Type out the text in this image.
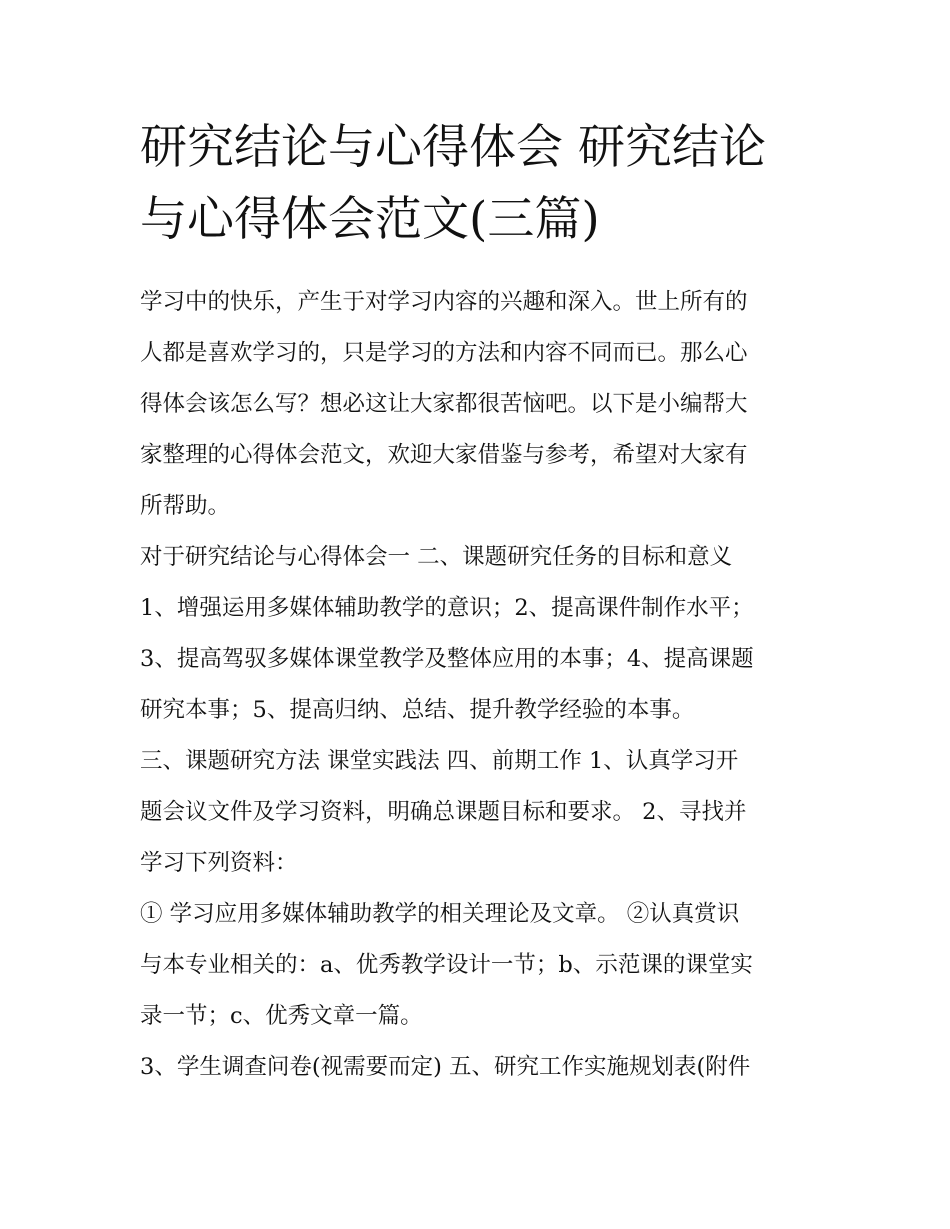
研究结论与心得体会 研究结论
与心得体会范文(三篇)
学习中的快乐，产生于对学习内容的兴趣和深入。世上所有的
人都是喜欢学习的，只是学习的方法和内容不同而已。那么心
得体会该怎么写？想必这让大家都很苦恼吧。以下是小编帮大
家整理的心得体会范文，欢迎大家借鉴与参考，希望对大家有
所帮助。
对于研究结论与心得体会一 二、课题研究任务的目标和意义
1、增强运用多媒体辅助教学的意识；2、提高课件制作水平；
3、提高驾驭多媒体课堂教学及整体应用的本事；4、提高课题
研究本事；5、提高归纳、总结、提升教学经验的本事。
三、课题研究方法 课堂实践法 四、前期工作 1、认真学习开
题会议文件及学习资料，明确总课题目标和要求。 2、寻找并
学习下列资料：
① 学习应用多媒体辅助教学的相关理论及文章。 ②认真赏识
与本专业相关的：a、优秀教学设计一节；b、示范课的课堂实
录一节；c、优秀文章一篇。
3、学生调查问卷(视需要而定) 五、研究工作实施规划表(附件
